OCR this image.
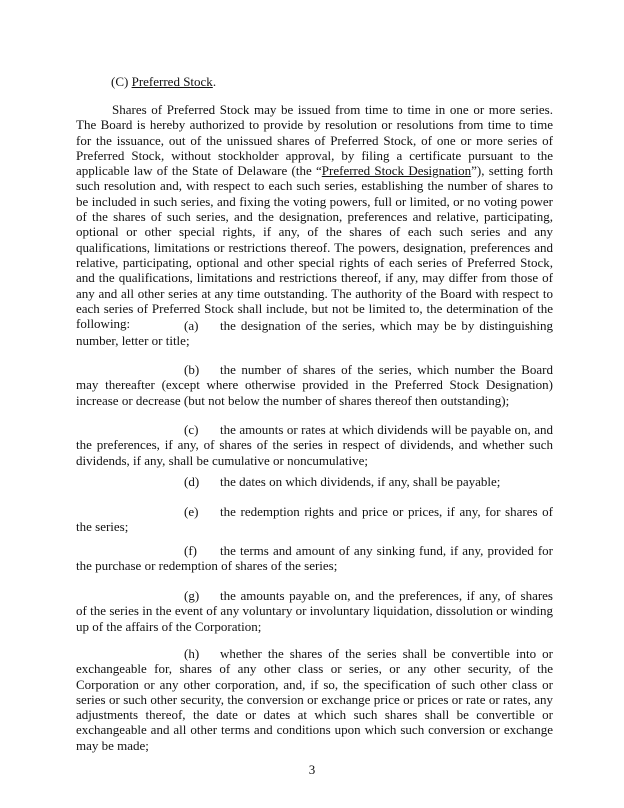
(C) Preferred Stock.

Shares of Preferred Stock may be issued from time to time in one or more series. The Board is hereby authorized to provide by resolution or resolutions from time to time for the issuance, out of the unissued shares of Preferred Stock, of one or more series of Preferred Stock, without stockholder approval, by filing a certificate pursuant to the applicable law of the State of Delaware (the “Preferred Stock Designation”), setting forth such resolution and, with respect to each such series, establishing the number of shares to be included in such series, and fixing the voting powers, full or limited, or no voting power of the shares of such series, and the designation, preferences and relative, participating, optional or other special rights, if any, of the shares of each such series and any qualifications, limitations or restrictions thereof. The powers, designation, preferences and relative, participating, optional and other special rights of each series of Preferred Stock, and the qualifications, limitations and restrictions thereof, if any, may differ from those of any and all other series at any time outstanding. The authority of the Board with respect to each series of Preferred Stock shall include, but not be limited to, the determination of the following:	(a) the designation of the series, which may be by distinguishing number, letter or title;

(b) the number of shares of the series, which number the Board may thereafter (except where otherwise provided in the Preferred Stock Designation) increase or decrease (but not below the number of shares thereof then outstanding);

(c) the amounts or rates at which dividends will be payable on, and the preferences, if any, of shares of the series in respect of dividends, and whether such dividends, if any, shall be cumulative or noncumulative;

(d) the dates on which dividends, if any, shall be payable;

(e) the redemption rights and price or prices, if any, for shares of the series;

(f) the terms and amount of any sinking fund, if any, provided for the purchase or redemption of shares of the series;

(g) the amounts payable on, and the preferences, if any, of shares of the series in the event of any voluntary or involuntary liquidation, dissolution or winding up of the affairs of the Corporation;

(h) whether the shares of the series shall be convertible into or exchangeable for, shares of any other class or series, or any other security, of the Corporation or any other corporation, and, if so, the specification of such other class or series or such other security, the conversion or exchange price or prices or rate or rates, any adjustments thereof, the date or dates at which such shares shall be convertible or exchangeable and all other terms and conditions upon which such conversion or exchange may be made;

3
